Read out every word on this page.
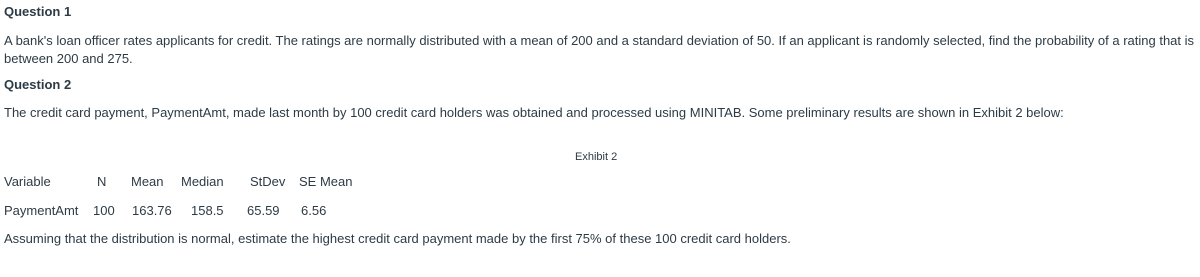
Question 1
A bank's loan officer rates applicants for credit. The ratings are normally distributed with a mean of 200 and a standard deviation of 50. If an applicant is randomly selected, find the probability of a rating that is between 200 and 275.
Question 2
The credit card payment, PaymentAmt, made last month by 100 credit card holders was obtained and processed using MINITAB. Some preliminary results are shown in Exhibit 2 below:
Exhibit 2
Variable	N Mean Median StDev SE Mean
PaymentAmt 100 163.76 158.5 65.59 6.56
Assuming that the distribution is normal, estimate the highest credit card payment made by the first 75% of these 100 credit card holders.
